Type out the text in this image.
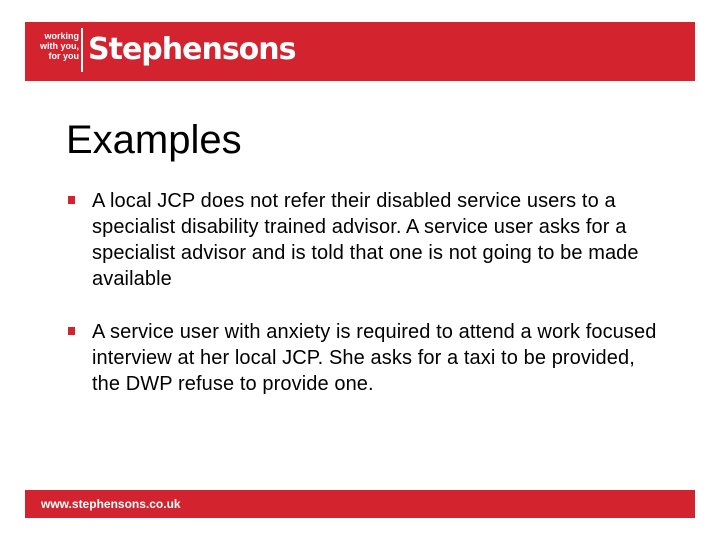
working
with you,
for you Stephensons
Examples
A local JCP does not refer their disabled service users to a specialist disability trained advisor. A service user asks for a specialist advisor and is told that one is not going to be made available
A service user with anxiety is required to attend a work focused interview at her local JCP. She asks for a taxi to be provided, the DWP refuse to provide one.
www.stephensons.co.uk
